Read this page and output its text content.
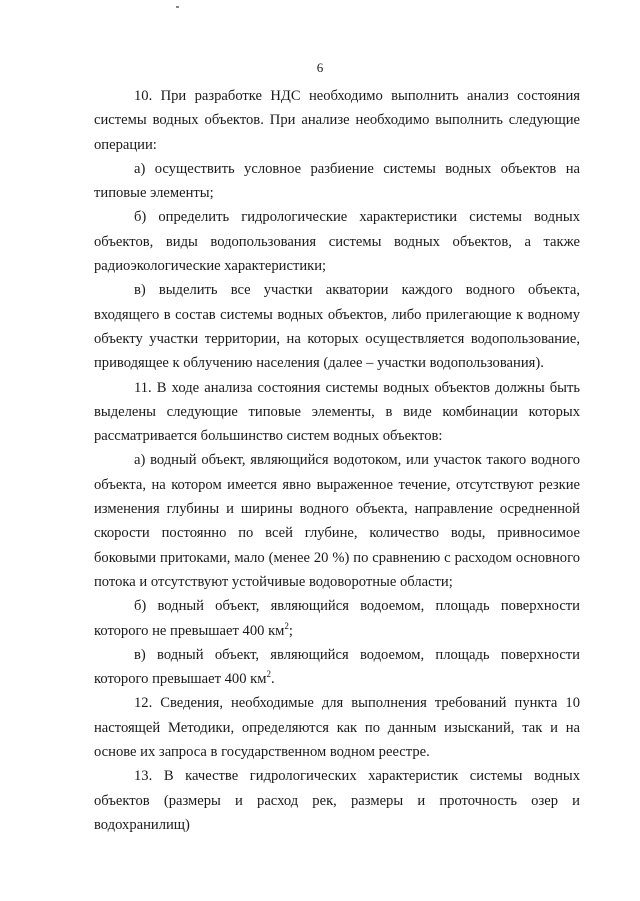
6

10. При разработке НДС необходимо выполнить анализ состояния системы водных объектов. При анализе необходимо выполнить следующие операции:

а) осуществить условное разбиение системы водных объектов на типовые элементы;

б) определить гидрологические характеристики системы водных объектов, виды водопользования системы водных объектов, а также радиоэкологические характеристики;

в) выделить все участки акватории каждого водного объекта, входящего в состав системы водных объектов, либо прилегающие к водному объекту участки территории, на которых осуществляется водопользование, приводящее к облучению населения (далее – участки водопользования).

11. В ходе анализа состояния системы водных объектов должны быть выделены следующие типовые элементы, в виде комбинации которых рассматривается большинство систем водных объектов:

а) водный объект, являющийся водотоком, или участок такого водного объекта, на котором имеется явно выраженное течение, отсутствуют резкие изменения глубины и ширины водного объекта, направление осредненной скорости постоянно по всей глубине, количество воды, привносимое боковыми притоками, мало (менее 20 %) по сравнению с расходом основного потока и отсутствуют устойчивые водоворотные области;

б) водный объект, являющийся водоемом, площадь поверхности которого не превышает 400 $км^2$;

в) водный объект, являющийся водоемом, площадь поверхности которого превышает 400 $км^2$.

12. Сведения, необходимые для выполнения требований пункта 10 настоящей Методики, определяются как по данным изысканий, так и на основе их запроса в государственном водном реестре.

13. В качестве гидрологических характеристик системы водных объектов (размеры и расход рек, размеры и проточность озер и водохранилищ)
